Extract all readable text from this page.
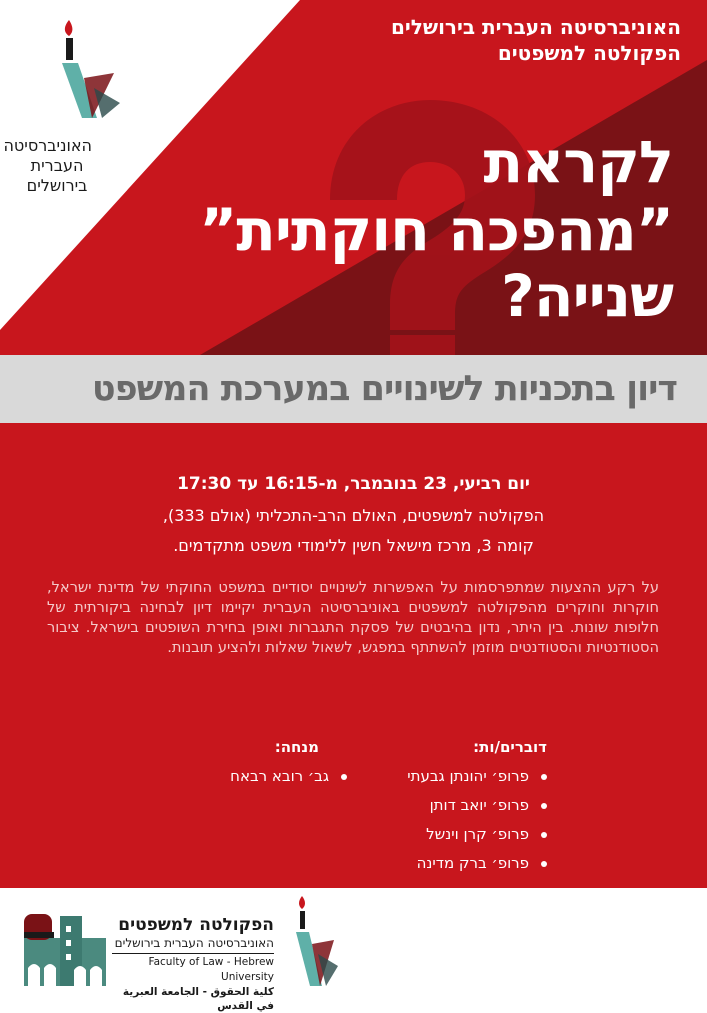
האוניברסיטה
העברית
בירושלים
האוניברסיטה העברית בירושלים
הפקולטה למשפטים
לקראת
”מהפכה חוקתית”
שנייה?
דיון בתכניות לשינויים במערכת המשפט
יום רביעי, 23 בנובמבר, מ-16:15 עד 17:30
הפקולטה למשפטים, האולם הרב-התכליתי (אולם 333),
קומה 3, מרכז מישאל חשין ללימודי משפט מתקדמים.
על רקע ההצעות שמתפרסמות על האפשרות לשינויים יסודיים במשפט החוקתי של מדינת ישראל, חוקרות וחוקרים מהפקולטה למשפטים באוניברסיטה העברית יקיימו דיון לבחינה ביקורתית של חלופות שונות. בין היתר, נדון בהיבטים של פסקת התגברות ואופן בחירת השופטים בישראל. ציבור הסטודנטיות והסטודנטים מוזמן להשתתף במפגש, לשאול שאלות ולהציע תובנות.
דוברים/ות:
פרופ׳ יהונתן גבעתי
פרופ׳ יואב דותן
פרופ׳ קרן וינשל
פרופ׳ ברק מדינה
מנחה:
גב׳ רובא רבאח
הפקולטה למשפטים
האוניברסיטה העברית בירושלים
Faculty of Law - Hebrew University
كلية الحقوق - الجامعة العبرية في القدس
